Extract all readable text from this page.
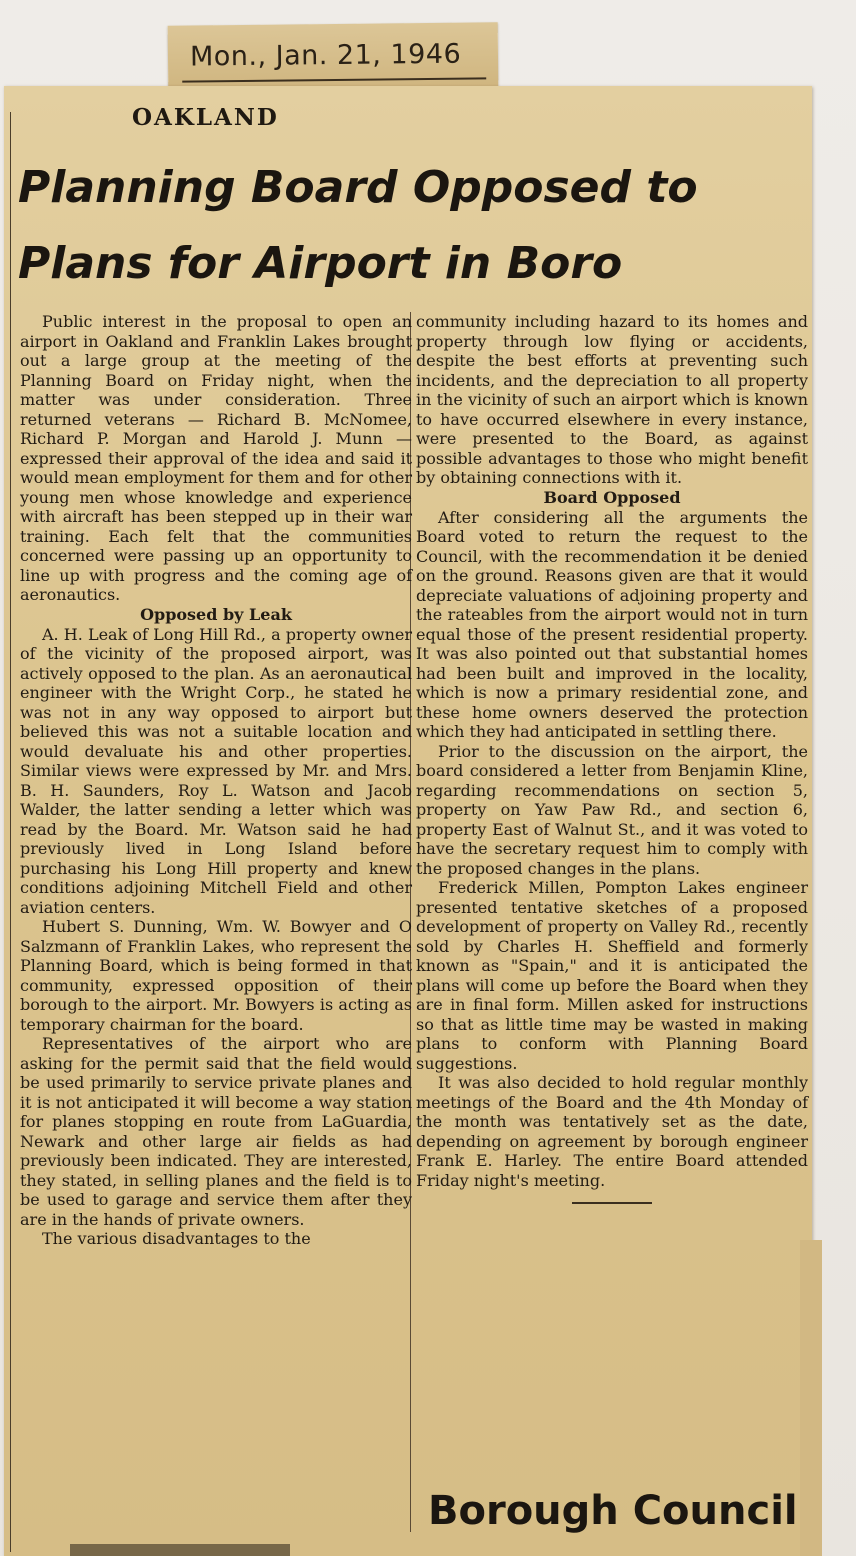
Mon., Jan. 21, 1946
OAKLAND
Planning Board Opposed to
Plans for Airport in Boro

Public interest in the proposal to open an airport in Oakland and Franklin Lakes brought out a large group at the meeting of the Planning Board on Friday night, when the matter was under consideration. Three returned veterans — Richard B. McNomee, Richard P. Morgan and Harold J. Munn — expressed their approval of the idea and said it would mean employment for them and for other young men whose knowledge and experience with aircraft has been stepped up in their war training. Each felt that the communities concerned were passing up an opportunity to line up with progress and the coming age of aeronautics.

Opposed by Leak

A. H. Leak of Long Hill Rd., a property owner of the vicinity of the proposed airport, was actively opposed to the plan. As an aeronautical engineer with the Wright Corp., he stated he was not in any way opposed to airport but believed this was not a suitable location and would devaluate his and other properties. Similar views were expressed by Mr. and Mrs. B. H. Saunders, Roy L. Watson and Jacob Walder, the latter sending a letter which was read by the Board. Mr. Watson said he had previously lived in Long Island before purchasing his Long Hill property and knew conditions adjoining Mitchell Field and other aviation centers.

Hubert S. Dunning, Wm. W. Bowyer and O Salzmann of Franklin Lakes, who represent the Planning Board, which is being formed in that community, expressed opposition of their borough to the airport. Mr. Bowyers is acting as temporary chairman for the board.

Representatives of the airport who are asking for the permit said that the field would be used primarily to service private planes and it is not anticipated it will become a way station for planes stopping en route from LaGuardia, Newark and other large air fields as had previously been indicated. They are interested, they stated, in selling planes and the field is to be used to garage and service them after they are in the hands of private owners.

The various disadvantages to the

community including hazard to its homes and property through low flying or accidents, despite the best efforts at preventing such incidents, and the depreciation to all property in the vicinity of such an airport which is known to have occurred elsewhere in every instance, were presented to the Board, as against possible advantages to those who might benefit by obtaining connections with it.

Board Opposed

After considering all the arguments the Board voted to return the request to the Council, with the recommendation it be denied on the ground. Reasons given are that it would depreciate valuations of adjoining property and the rateables from the airport would not in turn equal those of the present residential property. It was also pointed out that substantial homes had been built and improved in the locality, which is now a primary residential zone, and these home owners deserved the protection which they had anticipated in settling there.

Prior to the discussion on the airport, the board considered a letter from Benjamin Kline, regarding recommendations on section 5, property on Yaw Paw Rd., and section 6, property East of Walnut St., and it was voted to have the secretary request him to comply with the proposed changes in the plans.

Frederick Millen, Pompton Lakes engineer presented tentative sketches of a proposed development of property on Valley Rd., recently sold by Charles H. Sheffield and formerly known as "Spain," and it is anticipated the plans will come up before the Board when they are in final form. Millen asked for instructions so that as little time may be wasted in making plans to conform with Planning Board suggestions.

It was also decided to hold regular monthly meetings of the Board and the 4th Monday of the month was tentatively set as the date, depending on agreement by borough engineer Frank E. Harley. The entire Board attended Friday night's meeting.

Borough Council
